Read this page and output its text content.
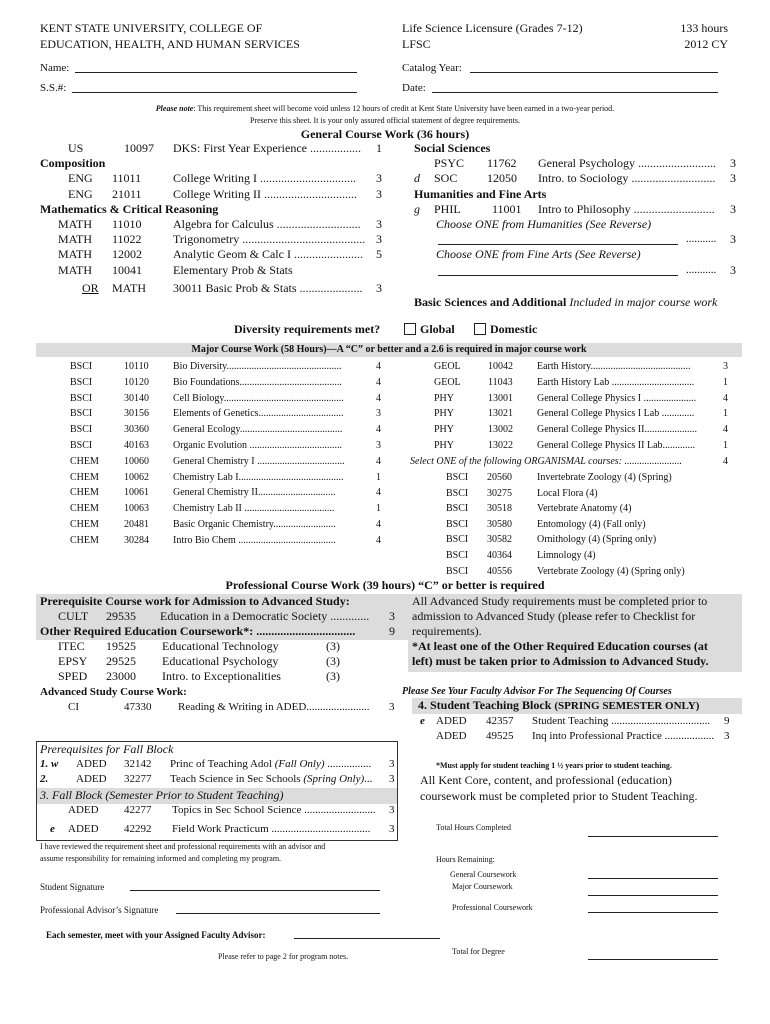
KENT STATE UNIVERSITY, COLLEGE OF
EDUCATION, HEALTH, AND HUMAN SERVICES
Life Science Licensure (Grades 7-12)
LFSC
133 hours
2012 CY
Name:
S.S.#:
Catalog Year:
Date:
Please note: This requirement sheet will become void unless 12 hours of credit at Kent State University have been earned in a two-year period.
Preserve this sheet. It is your only assured official statement of degree requirements.
General Course Work (36 hours)
US	10097 DKS: First Year Experience ................. 1
Composition
ENG 11011	College Writing I ................................ 3
ENG 21011	College Writing II ............................... 3
Mathematics & Critical Reasoning
MATH 11010	Algebra for Calculus ............................ 3
MATH 11022	Trigonometry ......................................... 3
MATH 12002	Analytic Geom & Calc I ....................... 5
MATH 10041	Elementary Prob & Stats
OR MATH 30011 Basic Prob & Stats ..................... 3
Social Sciences
PSYC 11762 General Psychology .......................... 3
d SOC 12050 Intro. to Sociology ............................ 3
Humanities and Fine Arts
g PHIL	11001 Intro to Philosophy ........................... 3
Choose ONE from Humanities (See Reverse)
........... 3
Choose ONE from Fine Arts (See Reverse)
........... 3
Basic Sciences and Additional Included in major course work
Diversity requirements met?	Global	Domestic
Major Course Work (58 Hours)—A “C” or better and a 2.6 is required in major course work
BSCI	10110 Bio Diversity..............................................	4
BSCI	10120 Bio Foundations.........................................	4
BSCI	30140 Cell Biology................................................	4
BSCI	30156 Elements of Genetics..................................	3
BSCI	30360 General Ecology.........................................	4
BSCI	40163 Organic Evolution .....................................	3
CHEM	10060 General Chemistry I ...................................	4
CHEM	10062 Chemistry Lab I..........................................	1
CHEM	10061 General Chemistry II...............................	4
CHEM	10063 Chemistry Lab II ....................................	1
CHEM	20481 Basic Organic Chemistry.........................	4
CHEM	30284 Intro Bio Chem .......................................	4
GEOL	10042 Earth History........................................	3
GEOL	11043 Earth History Lab .................................	1
PHY	13001 General College Physics I .....................	4
PHY	13021 General College Physics I Lab .............	1
PHY	13002 General College Physics II.....................	4
PHY	13022 General College Physics II Lab.............	1
BSCI 20560	Invertebrate Zoology (4) (Spring)
BSCI 30275	Local Flora (4)
BSCI 30518	Vertebrate Anatomy (4)
BSCI 30580	Entomology (4) (Fall only)
BSCI 30582	Ornithology (4) (Spring only)
BSCI 40364	Limnology (4)
BSCI 40556	Vertebrate Zoology (4) (Spring only)
Select ONE of the following ORGANISMAL courses: .......................	4
Professional Course Work (39 hours) “C” or better is required
Prerequisite Course work for Admission to Advanced Study:
CULT 29535 Education in a Democratic Society ............. 3
Other Required Education Coursework*: .................................	9
ITEC 19525 Educational Technology	(3)
EPSY 29525 Educational Psychology	(3)
SPED 23000 Intro. to Exceptionalities	(3)
All Advanced Study requirements must be completed prior to
admission to Advanced Study (please refer to Checklist for
requirements).
*At least one of the Other Required Education courses (at
left) must be taken prior to Admission to Advanced Study.
Advanced Study Course Work:
CI	47330 Reading & Writing in ADED....................... 3
Please See Your Faculty Advisor For The Sequencing Of Courses
4. Student Teaching Block (SPRING SEMESTER ONLY)
e ADED 42357 Student Teaching .................................... 9
ADED 49525 Inq into Professional Practice .................. 3
Prerequisites for Fall Block
1. w ADED 32142 Princ of Teaching Adol (Fall Only) ................ 3
2.	ADED 32277 Teach Science in Sec Schools (Spring Only)... 3
3. Fall Block (Semester Prior to Student Teaching)
ADED 42277 Topics in Sec School Science .......................... 3
e ADED 42292 Field Work Practicum .................................... 3
*Must apply for student teaching 1 ½ years prior to student teaching.
All Kent Core, content, and professional (education)
coursework must be completed prior to Student Teaching.
I have reviewed the requirement sheet and professional requirements with an advisor and
assume responsibility for remaining informed and completing my program.
Student Signature
Professional Advisor’s Signature
Each semester, meet with your Assigned Faculty Advisor:
Please refer to page 2 for program notes.
Total Hours Completed
Hours Remaining:
General Coursework
Major Coursework
Professional Coursework
Total for Degree
